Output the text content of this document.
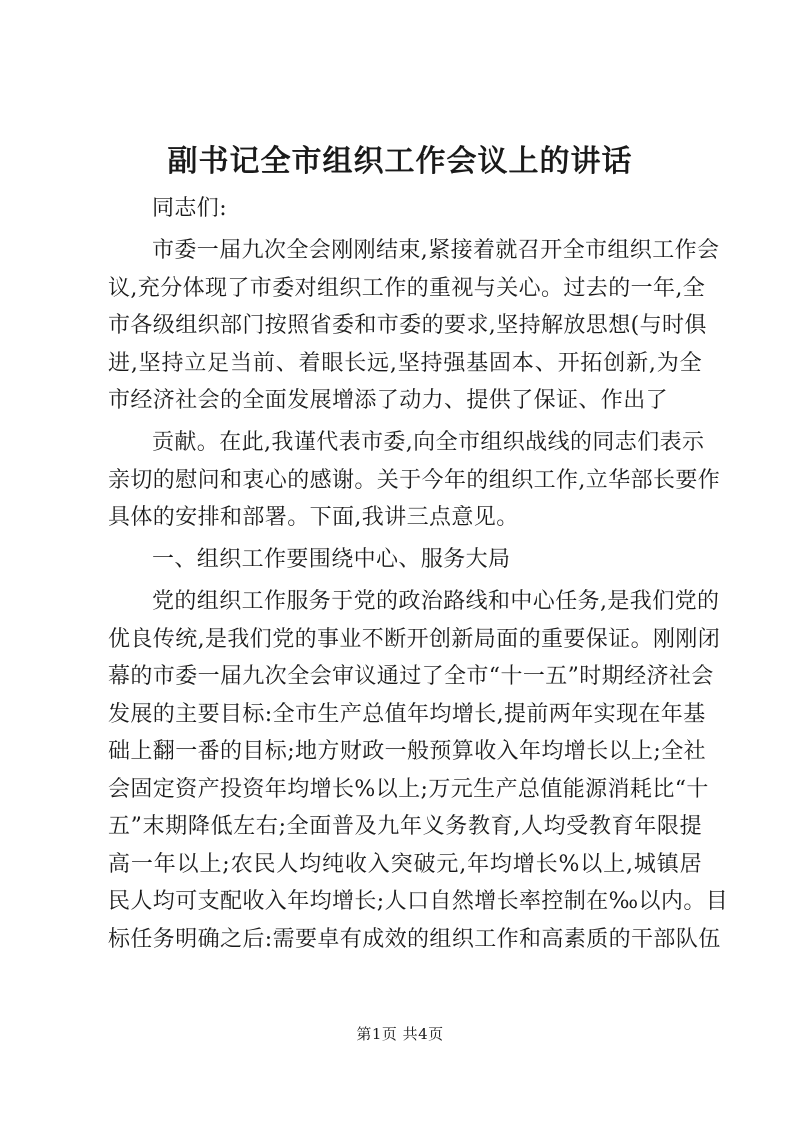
副书记全市组织工作会议上的讲话
同志们:
市委一届九次全会刚刚结束,紧接着就召开全市组织工作会
议,充分体现了市委对组织工作的重视与关心。过去的一年,全
市各级组织部门按照省委和市委的要求,坚持解放思想(与时俱
进,坚持立足当前、着眼长远,坚持强基固本、开拓创新,为全
市经济社会的全面发展增添了动力、提供了保证、作出了
贡献。在此,我谨代表市委,向全市组织战线的同志们表示
亲切的慰问和衷心的感谢。关于今年的组织工作,立华部长要作
具体的安排和部署。下面,我讲三点意见。
一、组织工作要围绕中心、服务大局
党的组织工作服务于党的政治路线和中心任务,是我们党的
优良传统,是我们党的事业不断开创新局面的重要保证。刚刚闭
幕的市委一届九次全会审议通过了全市“十一五”时期经济社会
发展的主要目标:全市生产总值年均增长,提前两年实现在年基
础上翻一番的目标;地方财政一般预算收入年均增长以上;全社
会固定资产投资年均增长%以上;万元生产总值能源消耗比“十
五”末期降低左右;全面普及九年义务教育,人均受教育年限提
高一年以上;农民人均纯收入突破元,年均增长%以上,城镇居
民人均可支配收入年均增长;人口自然增长率控制在‰以内。目
标任务明确之后:需要卓有成效的组织工作和高素质的干部队伍
第1页 共4页
